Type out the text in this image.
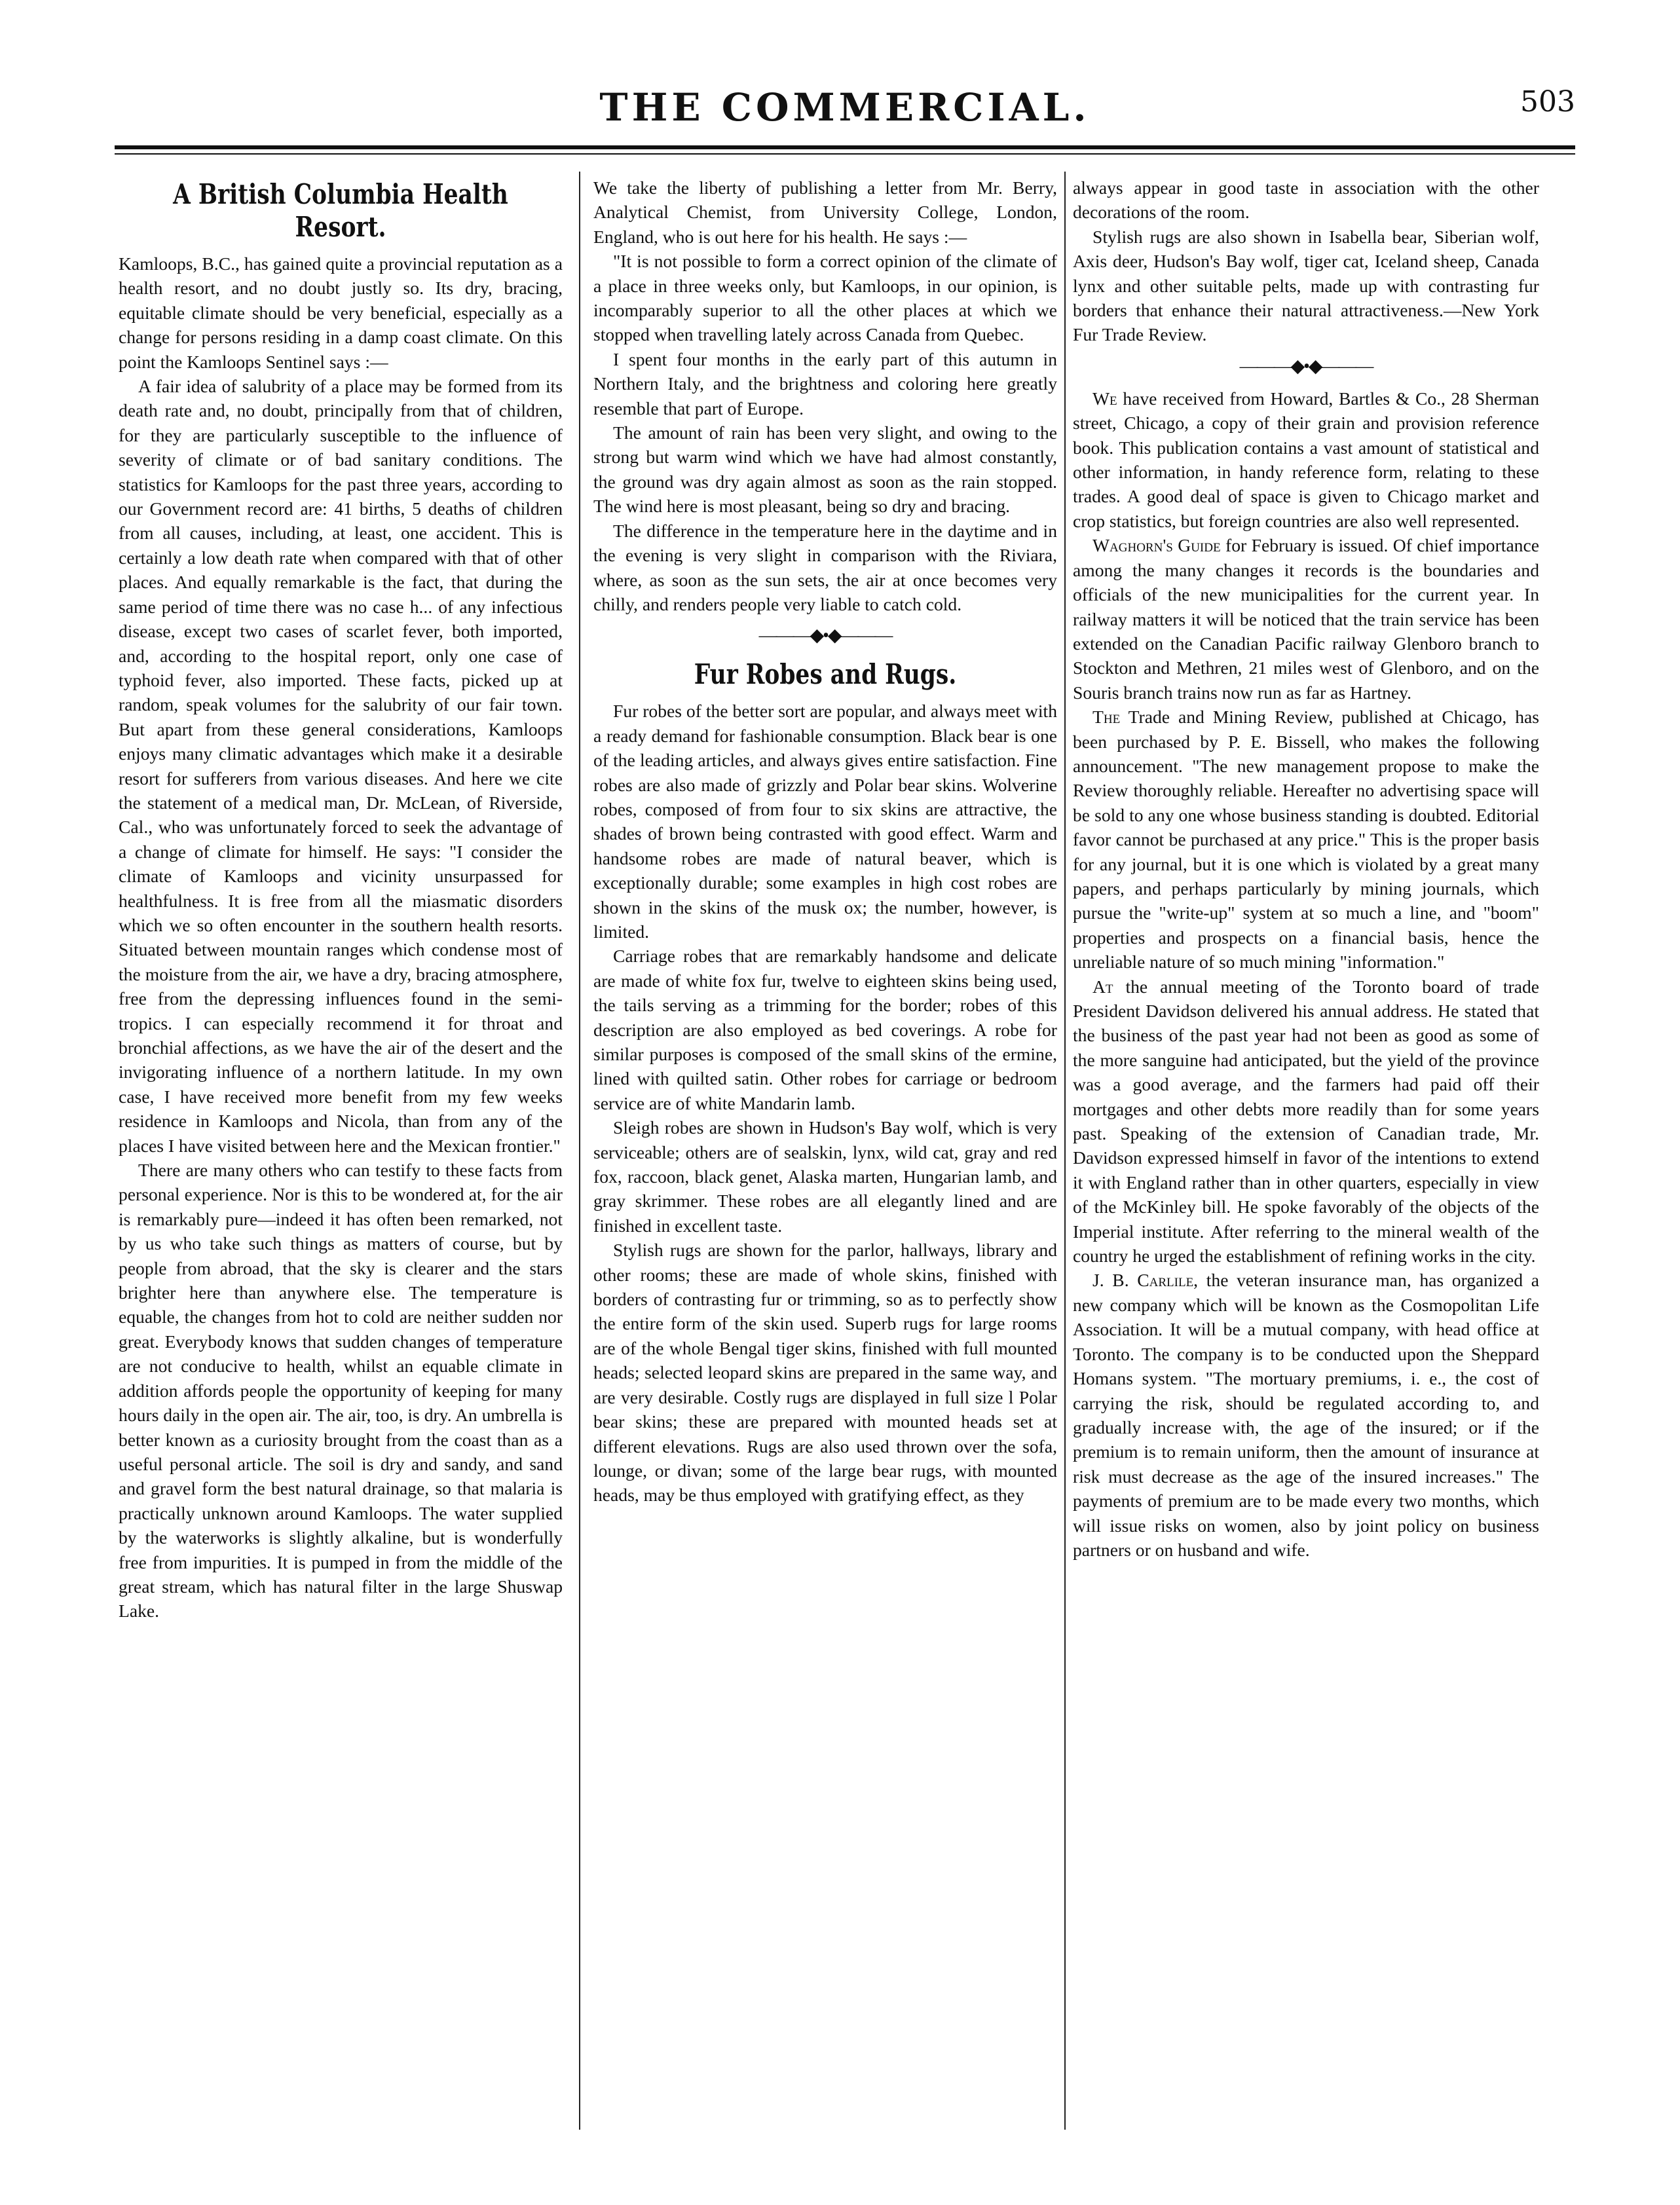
THE COMMERCIAL.	503
A British Columbia Health Resort.

Kamloops, B.C., has gained quite a provincial reputation as a health resort, and no doubt justly so. Its dry, bracing, equitable climate should be very beneficial, especially as a change for persons residing in a damp coast climate. On this point the Kamloops Sentinel says :—

A fair idea of salubrity of a place may be formed from its death rate and, no doubt, principally from that of children, for they are particularly susceptible to the influence of severity of climate or of bad sanitary conditions. The statistics for Kamloops for the past three years, according to our Government record are: 41 births, 5 deaths of children from all causes, including, at least, one accident. This is certainly a low death rate when compared with that of other places. And equally remarkable is the fact, that during the same period of time there was no case h... of any infectious disease, except two cases of scarlet fever, both imported, and, according to the hospital report, only one case of typhoid fever, also imported. These facts, picked up at random, speak volumes for the salubrity of our fair town. But apart from these general considerations, Kamloops enjoys many climatic advantages which make it a desirable resort for sufferers from various diseases. And here we cite the statement of a medical man, Dr. McLean, of Riverside, Cal., who was unfortunately forced to seek the advantage of a change of climate for himself. He says: "I consider the climate of Kamloops and vicinity unsurpassed for healthfulness. It is free from all the miasmatic disorders which we so often encounter in the southern health resorts. Situated between mountain ranges which condense most of the moisture from the air, we have a dry, bracing atmosphere, free from the depressing influences found in the semi-tropics. I can especially recommend it for throat and bronchial affections, as we have the air of the desert and the invigorating influence of a northern latitude. In my own case, I have received more benefit from my few weeks residence in Kamloops and Nicola, than from any of the places I have visited between here and the Mexican frontier."

There are many others who can testify to these facts from personal experience. Nor is this to be wondered at, for the air is remarkably pure—indeed it has often been remarked, not by us who take such things as matters of course, but by people from abroad, that the sky is clearer and the stars brighter here than anywhere else. The temperature is equable, the changes from hot to cold are neither sudden nor great. Everybody knows that sudden changes of temperature are not conducive to health, whilst an equable climate in addition affords people the opportunity of keeping for many hours daily in the open air. The air, too, is dry. An umbrella is better known as a curiosity brought from the coast than as a useful personal article. The soil is dry and sandy, and sand and gravel form the best natural drainage, so that malaria is practically unknown around Kamloops. The water supplied by the waterworks is slightly alkaline, but is wonderfully free from impurities. It is pumped in from the middle of the great stream, which has natural filter in the large Shuswap Lake.

We take the liberty of publishing a letter from Mr. Berry, Analytical Chemist, from University College, London, England, who is out here for his health. He says :—

"It is not possible to form a correct opinion of the climate of a place in three weeks only, but Kamloops, in our opinion, is incomparably superior to all the other places at which we stopped when travelling lately across Canada from Quebec.

I spent four months in the early part of this autumn in Northern Italy, and the brightness and coloring here greatly resemble that part of Europe.

The amount of rain has been very slight, and owing to the strong but warm wind which we have had almost constantly, the ground was dry again almost as soon as the rain stopped. The wind here is most pleasant, being so dry and bracing.

The difference in the temperature here in the daytime and in the evening is very slight in comparison with the Riviara, where, as soon as the sun sets, the air at once becomes very chilly, and renders people very liable to catch cold.

———◆•◆———
Fur Robes and Rugs.

Fur robes of the better sort are popular, and always meet with a ready demand for fashionable consumption. Black bear is one of the leading articles, and always gives entire satisfaction. Fine robes are also made of grizzly and Polar bear skins. Wolverine robes, composed of from four to six skins are attractive, the shades of brown being contrasted with good effect. Warm and handsome robes are made of natural beaver, which is exceptionally durable; some examples in high cost robes are shown in the skins of the musk ox; the number, however, is limited.

Carriage robes that are remarkably handsome and delicate are made of white fox fur, twelve to eighteen skins being used, the tails serving as a trimming for the border; robes of this description are also employed as bed coverings. A robe for similar purposes is composed of the small skins of the ermine, lined with quilted satin. Other robes for carriage or bedroom service are of white Mandarin lamb.

Sleigh robes are shown in Hudson's Bay wolf, which is very serviceable; others are of sealskin, lynx, wild cat, gray and red fox, raccoon, black genet, Alaska marten, Hungarian lamb, and gray skrimmer. These robes are all elegantly lined and are finished in excellent taste.

Stylish rugs are shown for the parlor, hallways, library and other rooms; these are made of whole skins, finished with borders of contrasting fur or trimming, so as to perfectly show the entire form of the skin used. Superb rugs for large rooms are of the whole Bengal tiger skins, finished with full mounted heads; selected leopard skins are prepared in the same way, and are very desirable. Costly rugs are displayed in full size l Polar bear skins; these are prepared with mounted heads set at different elevations. Rugs are also used thrown over the sofa, lounge, or divan; some of the large bear rugs, with mounted heads, may be thus employed with gratifying effect, as they

always appear in good taste in association with the other decorations of the room.

Stylish rugs are also shown in Isabella bear, Siberian wolf, Axis deer, Hudson's Bay wolf, tiger cat, Iceland sheep, Canada lynx and other suitable pelts, made up with contrasting fur borders that enhance their natural attractiveness.—New York Fur Trade Review.

———◆•◆———

We have received from Howard, Bartles & Co., 28 Sherman street, Chicago, a copy of their grain and provision reference book. This publication contains a vast amount of statistical and other information, in handy reference form, relating to these trades. A good deal of space is given to Chicago market and crop statistics, but foreign countries are also well represented.

Waghorn's Guide for February is issued. Of chief importance among the many changes it records is the boundaries and officials of the new municipalities for the current year. In railway matters it will be noticed that the train service has been extended on the Canadian Pacific railway Glenboro branch to Stockton and Methren, 21 miles west of Glenboro, and on the Souris branch trains now run as far as Hartney.

The Trade and Mining Review, published at Chicago, has been purchased by P. E. Bissell, who makes the following announcement. "The new management propose to make the Review thoroughly reliable. Hereafter no advertising space will be sold to any one whose business standing is doubted. Editorial favor cannot be purchased at any price." This is the proper basis for any journal, but it is one which is violated by a great many papers, and perhaps particularly by mining journals, which pursue the "write-up" system at so much a line, and "boom" properties and prospects on a financial basis, hence the unreliable nature of so much mining "information."

At the annual meeting of the Toronto board of trade President Davidson delivered his annual address. He stated that the business of the past year had not been as good as some of the more sanguine had anticipated, but the yield of the province was a good average, and the farmers had paid off their mortgages and other debts more readily than for some years past. Speaking of the extension of Canadian trade, Mr. Davidson expressed himself in favor of the intentions to extend it with England rather than in other quarters, especially in view of the McKinley bill. He spoke favorably of the objects of the Imperial institute. After referring to the mineral wealth of the country he urged the establishment of refining works in the city.

J. B. Carlile, the veteran insurance man, has organized a new company which will be known as the Cosmopolitan Life Association. It will be a mutual company, with head office at Toronto. The company is to be conducted upon the Sheppard Homans system. "The mortuary premiums, i. e., the cost of carrying the risk, should be regulated according to, and gradually increase with, the age of the insured; or if the premium is to remain uniform, then the amount of insurance at risk must decrease as the age of the insured increases." The payments of premium are to be made every two months, which will issue risks on women, also by joint policy on business partners or on husband and wife.
